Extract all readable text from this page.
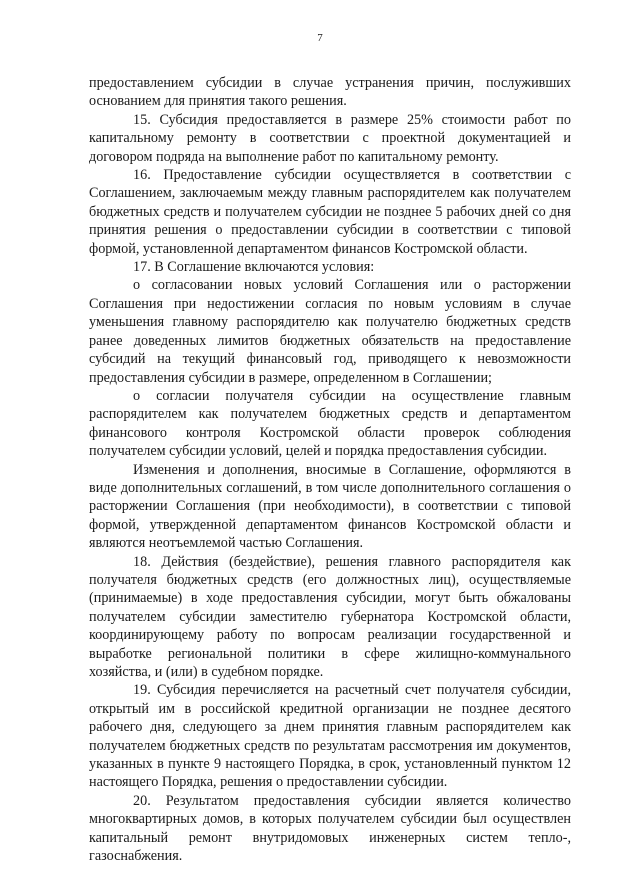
7

предоставлением субсидии в случае устранения причин, послуживших основанием для принятия такого решения.

15. Субсидия предоставляется в размере 25% стоимости работ по капитальному ремонту в соответствии с проектной документацией и договором подряда на выполнение работ по капитальному ремонту.

16. Предоставление субсидии осуществляется в соответствии с Соглашением, заключаемым между главным распорядителем как получателем бюджетных средств и получателем субсидии не позднее 5 рабочих дней со дня принятия решения о предоставлении субсидии в соответствии с типовой формой, установленной департаментом финансов Костромской области.

17. В Соглашение включаются условия:

о согласовании новых условий Соглашения или о расторжении Соглашения при недостижении согласия по новым условиям в случае уменьшения главному распорядителю как получателю бюджетных средств ранее доведенных лимитов бюджетных обязательств на предоставление субсидий на текущий финансовый год, приводящего к невозможности предоставления субсидии в размере, определенном в Соглашении;

о согласии получателя субсидии на осуществление главным распорядителем как получателем бюджетных средств и департаментом финансового контроля Костромской области проверок соблюдения получателем субсидии условий, целей и порядка предоставления субсидии.

Изменения и дополнения, вносимые в Соглашение, оформляются в виде дополнительных соглашений, в том числе дополнительного соглашения о расторжении Соглашения (при необходимости), в соответствии с типовой формой, утвержденной департаментом финансов Костромской области и являются неотъемлемой частью Соглашения.

18. Действия (бездействие), решения главного распорядителя как получателя бюджетных средств (его должностных лиц), осуществляемые (принимаемые) в ходе предоставления субсидии, могут быть обжалованы получателем субсидии заместителю губернатора Костромской области, координирующему работу по вопросам реализации государственной и выработке региональной политики в сфере жилищно-коммунального хозяйства, и (или) в судебном порядке.

19. Субсидия перечисляется на расчетный счет получателя субсидии, открытый им в российской кредитной организации не позднее десятого рабочего дня, следующего за днем принятия главным распорядителем как получателем бюджетных средств по результатам рассмотрения им документов, указанных в пункте 9 настоящего Порядка, в срок, установленный пунктом 12 настоящего Порядка, решения о предоставлении субсидии.

20. Результатом предоставления субсидии является количество многоквартирных домов, в которых получателем субсидии был осуществлен капитальный ремонт внутридомовых инженерных систем тепло-, газоснабжения.
